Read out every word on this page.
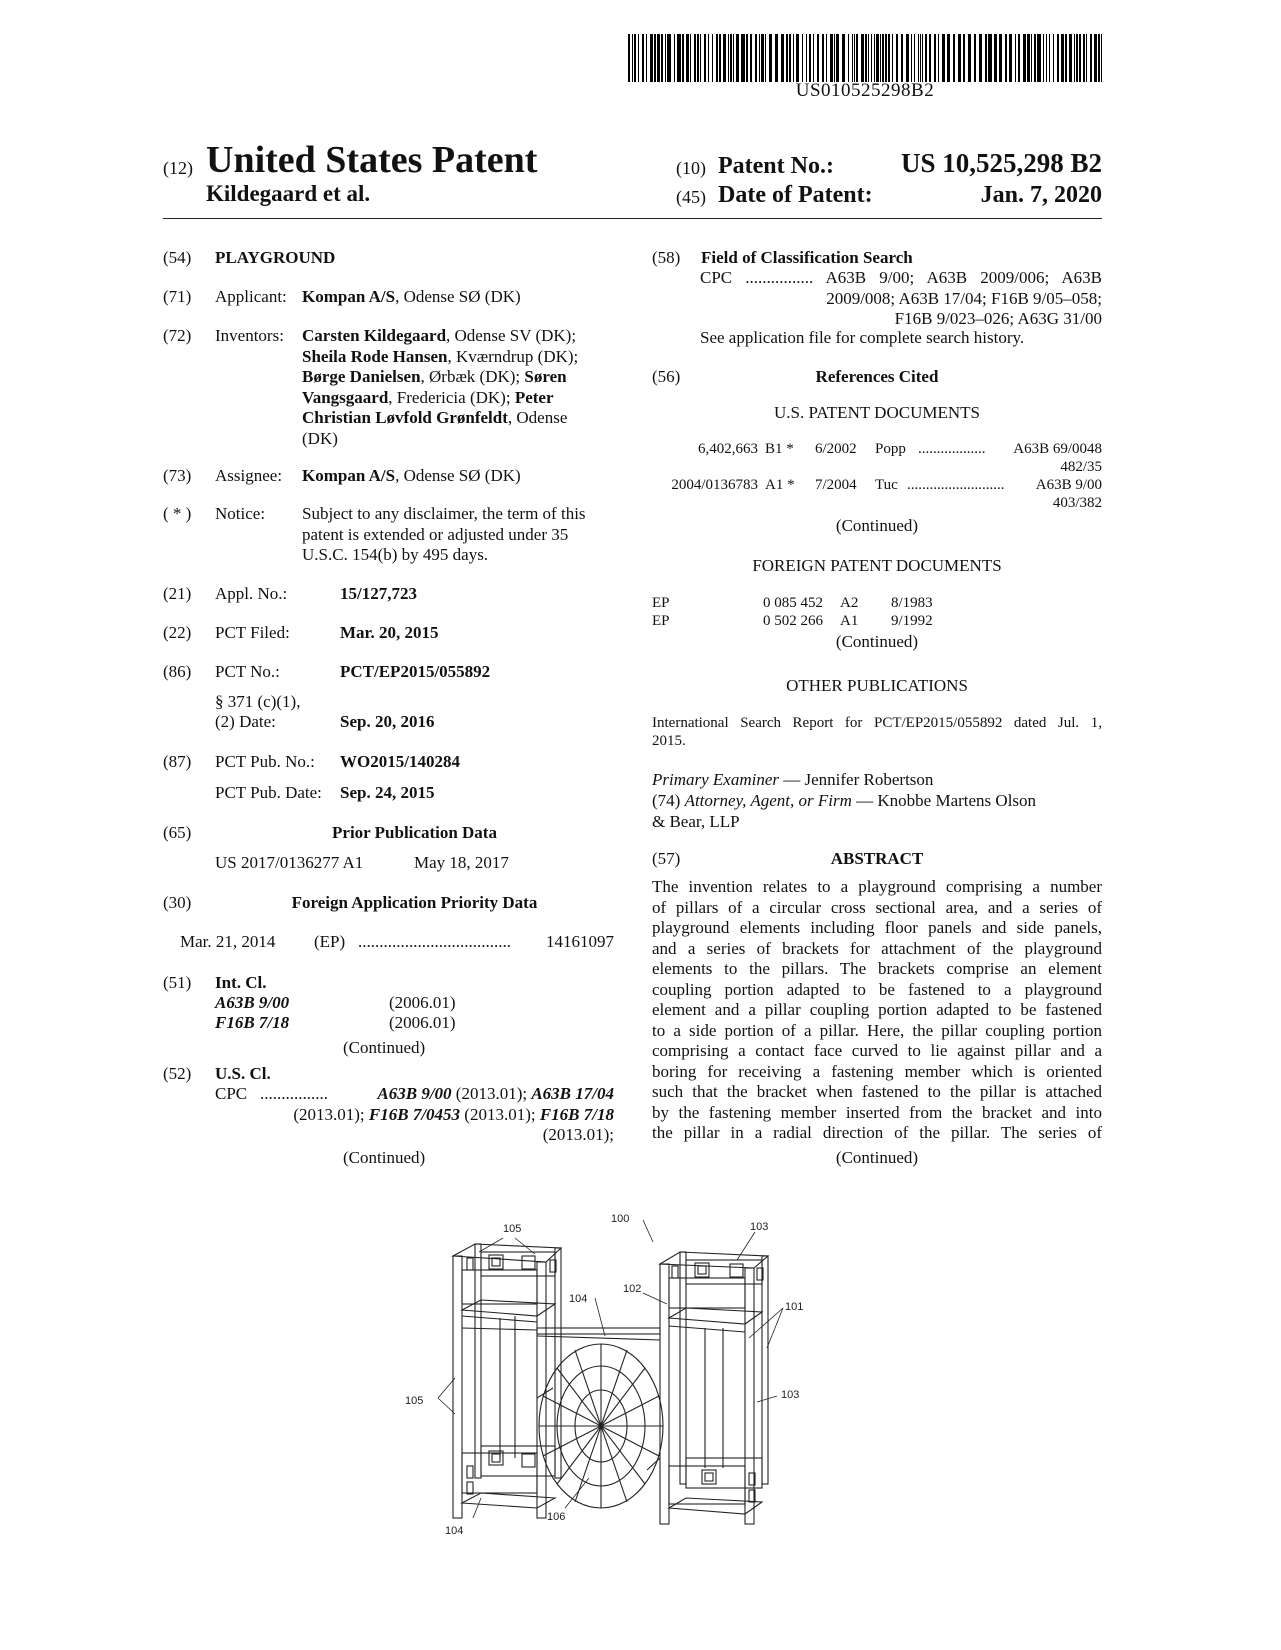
US010525298B2
(12) United States Patent
Kildegaard et al.
(10) Patent No.:	US 10,525,298 B2
(45) Date of Patent:	Jan. 7, 2020
(54) PLAYGROUND
(71) Applicant: Kompan A/S, Odense SØ (DK)
(72) Inventors: Carsten Kildegaard, Odense SV (DK);
Sheila Rode Hansen, Kværndrup (DK);
Børge Danielsen, Ørbæk (DK); Søren
Vangsgaard, Fredericia (DK); Peter
Christian Løvfold Grønfeldt, Odense
(DK)
(73) Assignee: Kompan A/S, Odense SØ (DK)
( * ) Notice: Subject to any disclaimer, the term of this
patent is extended or adjusted under 35
U.S.C. 154(b) by 495 days.
(21) Appl. No.:	15/127,723
(22) PCT Filed:	Mar. 20, 2015
(86) PCT No.:	PCT/EP2015/055892
§ 371 (c)(1),
(2) Date:	Sep. 20, 2016
(87) PCT Pub. No.: WO2015/140284
PCT Pub. Date: Sep. 24, 2015
(65)	Prior Publication Data
US 2017/0136277 A1	May 18, 2017
(30)	Foreign Application Priority Data
Mar. 21, 2014 (EP) ....................................	14161097
(51) Int. Cl.
A63B 9/00	(2006.01)
F16B 7/18	(2006.01)
(Continued)
(52) U.S. Cl.
CPC ................	A63B 9/00 (2013.01); A63B 17/04
(2013.01); F16B 7/0453 (2013.01); F16B 7/18
(2013.01);
(Continued)
(58) Field of Classification Search
CPC ................ A63B 9/00; A63B 2009/006; A63B
2009/008; A63B 17/04; F16B 9/05–058;
F16B 9/023–026; A63G 31/00
See application file for complete search history.
(56)	References Cited
U.S. PATENT DOCUMENTS
6,402,663 B1 * 6/2002 Popp ..................	A63B 69/0048
482/35
2004/0136783 A1 * 7/2004 Tuc ..........................	A63B 9/00
403/382
(Continued)
FOREIGN PATENT DOCUMENTS
EP	0 085 452 A2 8/1983
EP	0 502 266 A1 9/1992
(Continued)
OTHER PUBLICATIONS
International Search Report for PCT/EP2015/055892 dated Jul. 1,
2015.
Primary Examiner — Jennifer Robertson
(74) Attorney, Agent, or Firm — Knobbe Martens Olson
& Bear, LLP
(57)	ABSTRACT
The invention relates to a playground comprising a number
of pillars of a circular cross sectional area, and a series of
playground elements including floor panels and side panels,
and a series of brackets for attachment of the playground
elements to the pillars. The brackets comprise an element
coupling portion adapted to be fastened to a playground
element and a pillar coupling portion adapted to be fastened
to a side portion of a pillar. Here, the pillar coupling portion
comprising a contact face curved to lie against pillar and a
boring for receiving a fastening member which is oriented
such that the bracket when fastened to the pillar is attached
by the fastening member inserted from the bracket and into
the pillar in a radial direction of the pillar. The series of
(Continued)
105
100
103
102
104
101
103
105
106
104
